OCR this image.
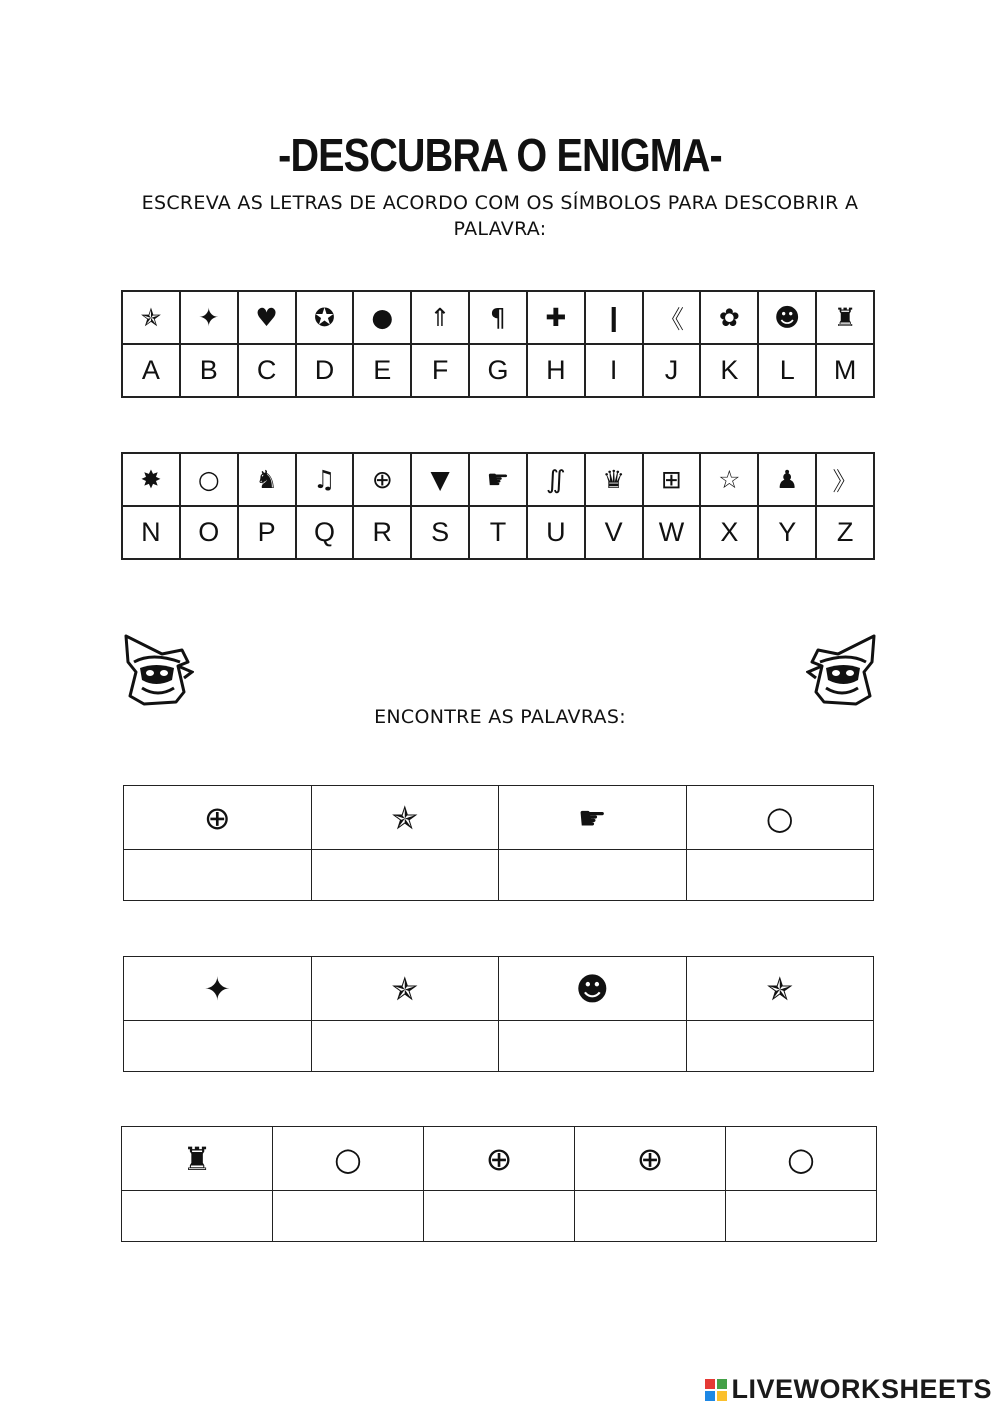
-DESCUBRA O ENIGMA-
ESCREVA AS LETRAS DE ACORDO COM OS SÍMBOLOS PARA DESCOBRIR A PALAVRA:
✯	✦	♥	✪	●	⇑	¶	✚	❙	《	✿	☻	♜
A	B	C	D	E	F	G	H	I	J	K	L	M
✸	○	♞	♫	⊕	▼	☛	∬	♛	⊞	☆	♟	》
N	O	P	Q	R	S	T	U	V	W	X	Y	Z
ENCONTRE AS PALAVRAS:
⊕	✯	☛	○

✦	✯	☻	✯

♜	○	⊕	⊕	○

LIVEWORKSHEETS
